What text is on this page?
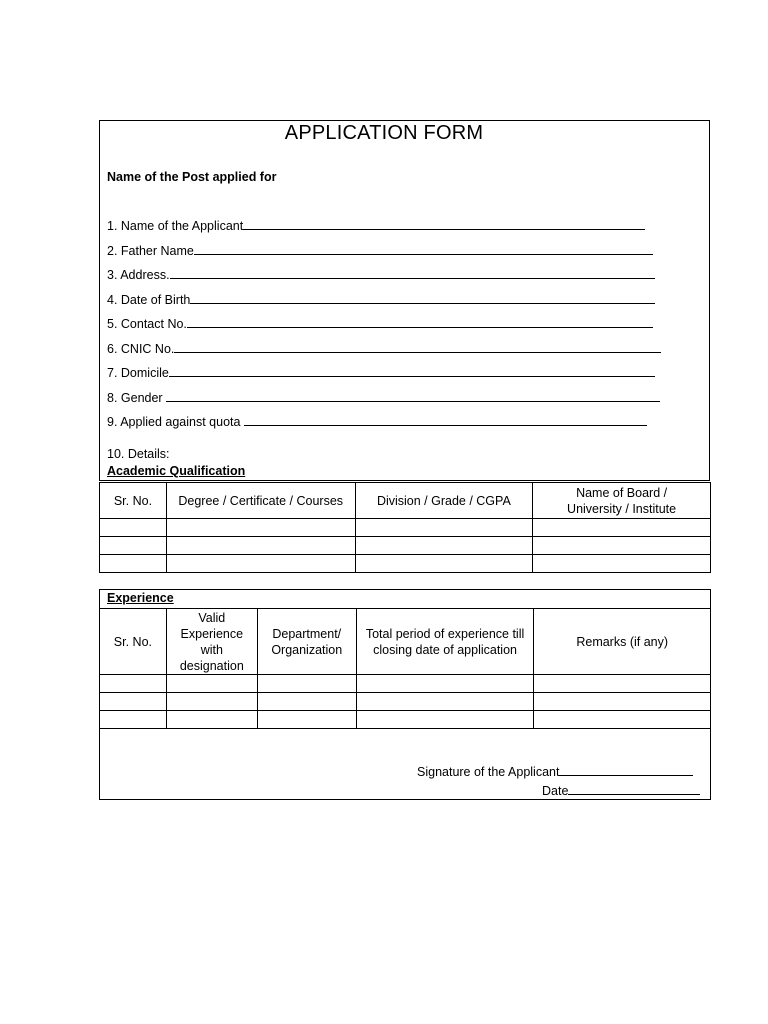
APPLICATION FORM
Name of the Post applied for
1. Name of the Applicant
2. Father Name
3. Address.
4. Date of Birth
5. Contact No.
6. CNIC No.
7. Domicile
8. Gender
9. Applied against quota
10. Details:
Academic Qualification
Sr. No.	Degree / Certificate / Courses	Division / Grade / CGPA	Name of Board / University / Institute

Experience
Sr. No.	Valid Experience with designation	Department/ Organization	Total period of experience till closing date of application	Remarks (if any)

Signature of the Applicant
Date
